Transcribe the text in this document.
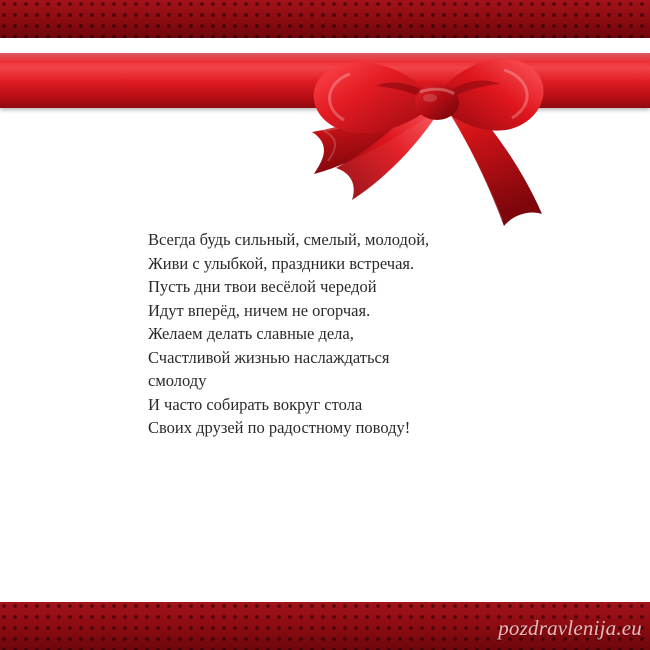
Всегда будь сильный, смелый, молодой,
Живи с улыбкой, праздники встречая.
Пусть дни твои весёлой чередой
Идут вперёд, ничем не огорчая.
Желаем делать славные дела,
Счастливой жизнью наслаждаться
смолоду
И часто собирать вокруг стола
Своих друзей по радостному поводу!
pozdravlenija.eu
